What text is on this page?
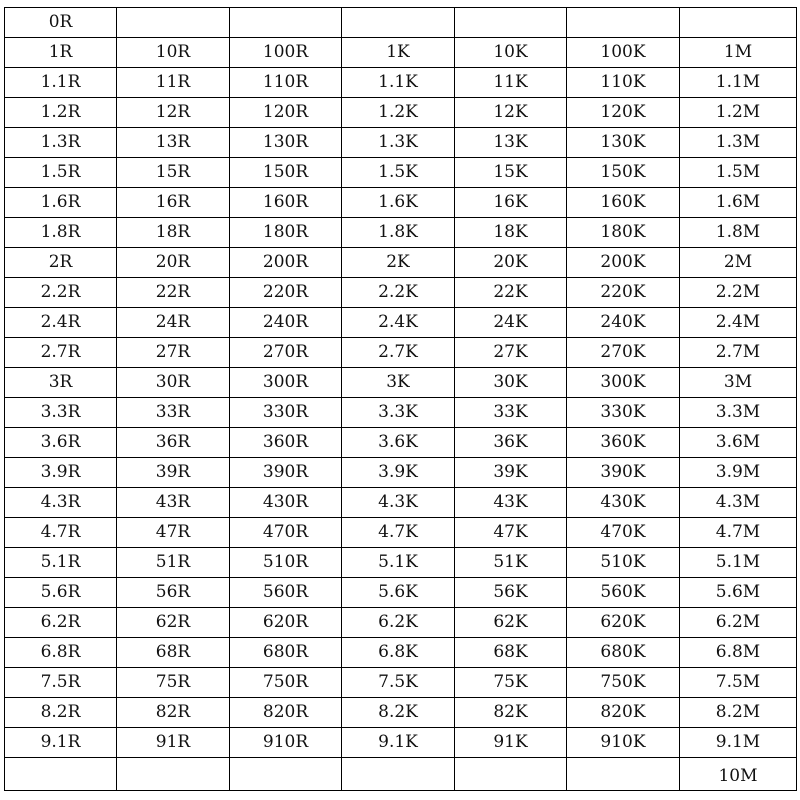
0R						
1R	10R	100R	1K	10K	100K	1M
1.1R	11R	110R	1.1K	11K	110K	1.1M
1.2R	12R	120R	1.2K	12K	120K	1.2M
1.3R	13R	130R	1.3K	13K	130K	1.3M
1.5R	15R	150R	1.5K	15K	150K	1.5M
1.6R	16R	160R	1.6K	16K	160K	1.6M
1.8R	18R	180R	1.8K	18K	180K	1.8M
2R	20R	200R	2K	20K	200K	2M
2.2R	22R	220R	2.2K	22K	220K	2.2M
2.4R	24R	240R	2.4K	24K	240K	2.4M
2.7R	27R	270R	2.7K	27K	270K	2.7M
3R	30R	300R	3K	30K	300K	3M
3.3R	33R	330R	3.3K	33K	330K	3.3M
3.6R	36R	360R	3.6K	36K	360K	3.6M
3.9R	39R	390R	3.9K	39K	390K	3.9M
4.3R	43R	430R	4.3K	43K	430K	4.3M
4.7R	47R	470R	4.7K	47K	470K	4.7M
5.1R	51R	510R	5.1K	51K	510K	5.1M
5.6R	56R	560R	5.6K	56K	560K	5.6M
6.2R	62R	620R	6.2K	62K	620K	6.2M
6.8R	68R	680R	6.8K	68K	680K	6.8M
7.5R	75R	750R	7.5K	75K	750K	7.5M
8.2R	82R	820R	8.2K	82K	820K	8.2M
9.1R	91R	910R	9.1K	91K	910K	9.1M

						10M
